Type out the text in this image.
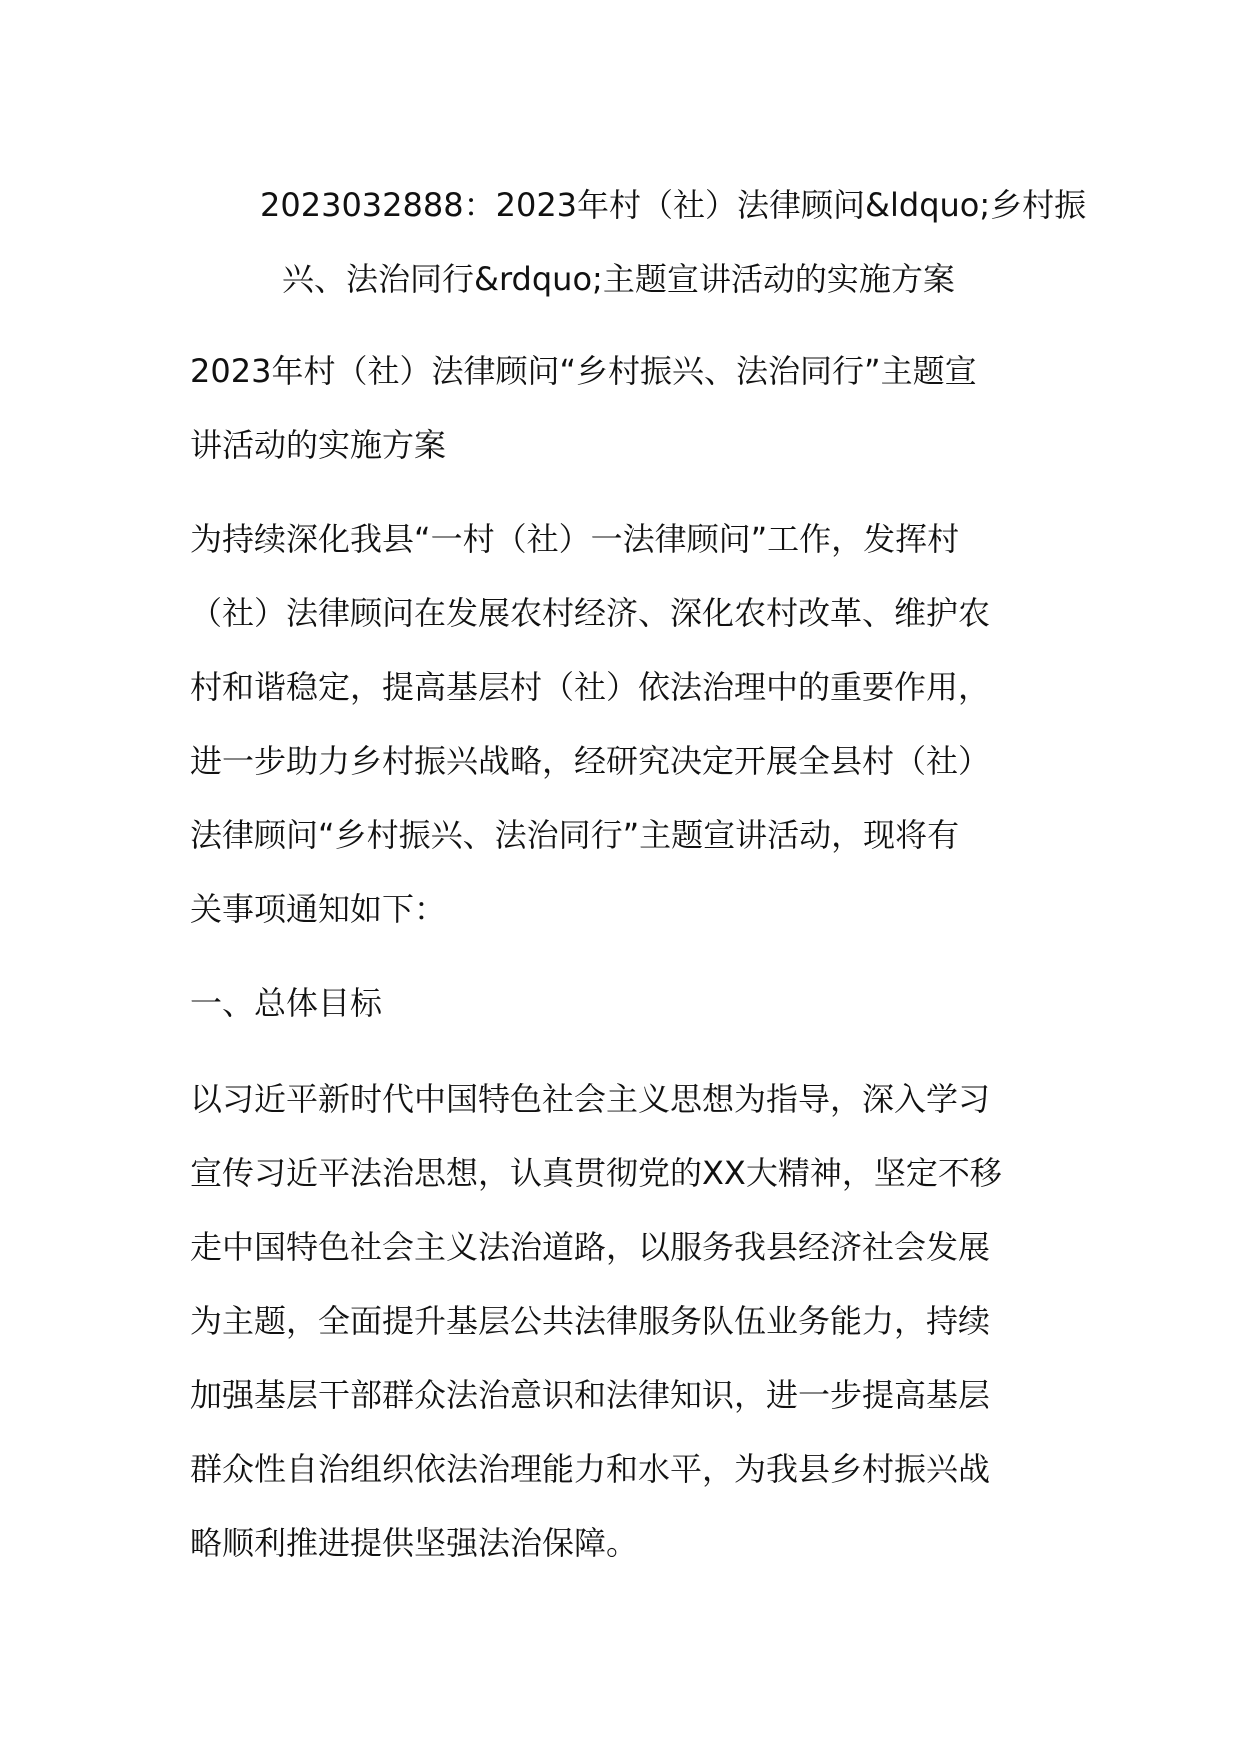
2023032888：2023年村（社）法律顾问&ldquo;乡村振
兴、法治同行&rdquo;主题宣讲活动的实施方案

2023年村（社）法律顾问“乡村振兴、法治同行”主题宣
讲活动的实施方案

为持续深化我县“一村（社）一法律顾问”工作，发挥村
（社）法律顾问在发展农村经济、深化农村改革、维护农
村和谐稳定，提高基层村（社）依法治理中的重要作用，
进一步助力乡村振兴战略，经研究决定开展全县村（社）
法律顾问“乡村振兴、法治同行”主题宣讲活动，现将有
关事项通知如下：

一、总体目标

以习近平新时代中国特色社会主义思想为指导，深入学习
宣传习近平法治思想，认真贯彻党的XX大精神，坚定不移
走中国特色社会主义法治道路，以服务我县经济社会发展
为主题，全面提升基层公共法律服务队伍业务能力，持续
加强基层干部群众法治意识和法律知识，进一步提高基层
群众性自治组织依法治理能力和水平，为我县乡村振兴战
略顺利推进提供坚强法治保障。
